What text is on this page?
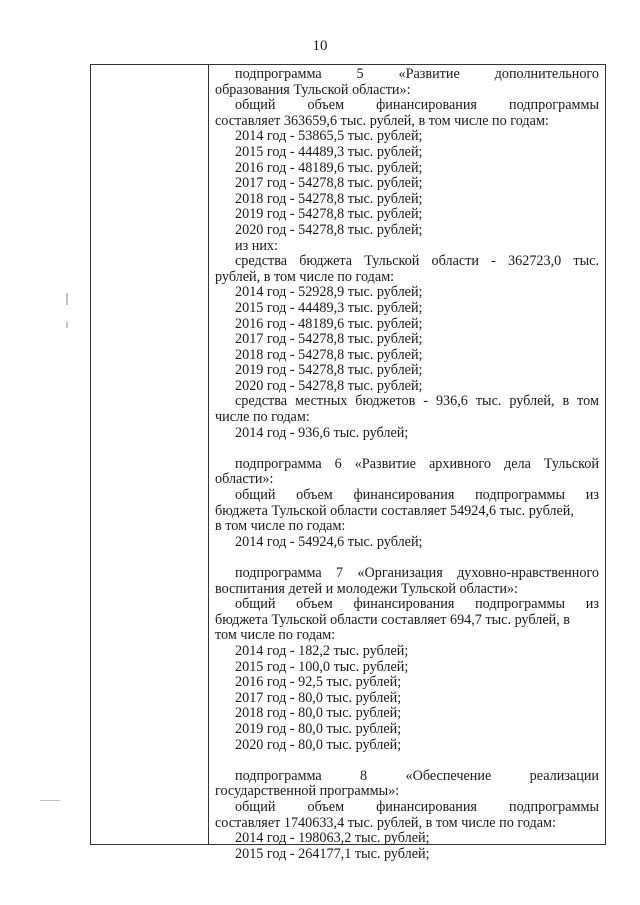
10
подпрограмма 5 «Развитие дополнительного
образования Тульской области»:
общий объем финансирования подпрограммы
составляет 363659,6 тыс. рублей, в том числе по годам:
2014 год - 53865,5 тыс. рублей;
2015 год - 44489,3 тыс. рублей;
2016 год - 48189,6 тыс. рублей;
2017 год - 54278,8 тыс. рублей;
2018 год - 54278,8 тыс. рублей;
2019 год - 54278,8 тыс. рублей;
2020 год - 54278,8 тыс. рублей;
из них:
средства бюджета Тульской области - 362723,0 тыс.
рублей, в том числе по годам:
2014 год - 52928,9 тыс. рублей;
2015 год - 44489,3 тыс. рублей;
2016 год - 48189,6 тыс. рублей;
2017 год - 54278,8 тыс. рублей;
2018 год - 54278,8 тыс. рублей;
2019 год - 54278,8 тыс. рублей;
2020 год - 54278,8 тыс. рублей;
средства местных бюджетов - 936,6 тыс. рублей, в том
числе по годам:
2014 год - 936,6 тыс. рублей;
подпрограмма 6 «Развитие архивного дела Тульской
области»:
общий объем финансирования подпрограммы из
бюджета Тульской области составляет 54924,6 тыс. рублей,
в том числе по годам:
2014 год - 54924,6 тыс. рублей;
подпрограмма 7 «Организация духовно-нравственного
воспитания детей и молодежи Тульской области»:
общий объем финансирования подпрограммы из
бюджета Тульской области составляет 694,7 тыс. рублей, в
том числе по годам:
2014 год - 182,2 тыс. рублей;
2015 год - 100,0 тыс. рублей;
2016 год - 92,5 тыс. рублей;
2017 год - 80,0 тыс. рублей;
2018 год - 80,0 тыс. рублей;
2019 год - 80,0 тыс. рублей;
2020 год - 80,0 тыс. рублей;
подпрограмма 8 «Обеспечение реализации
государственной программы»:
общий объем финансирования подпрограммы
составляет 1740633,4 тыс. рублей, в том числе по годам:
2014 год - 198063,2 тыс. рублей;
2015 год - 264177,1 тыс. рублей;
